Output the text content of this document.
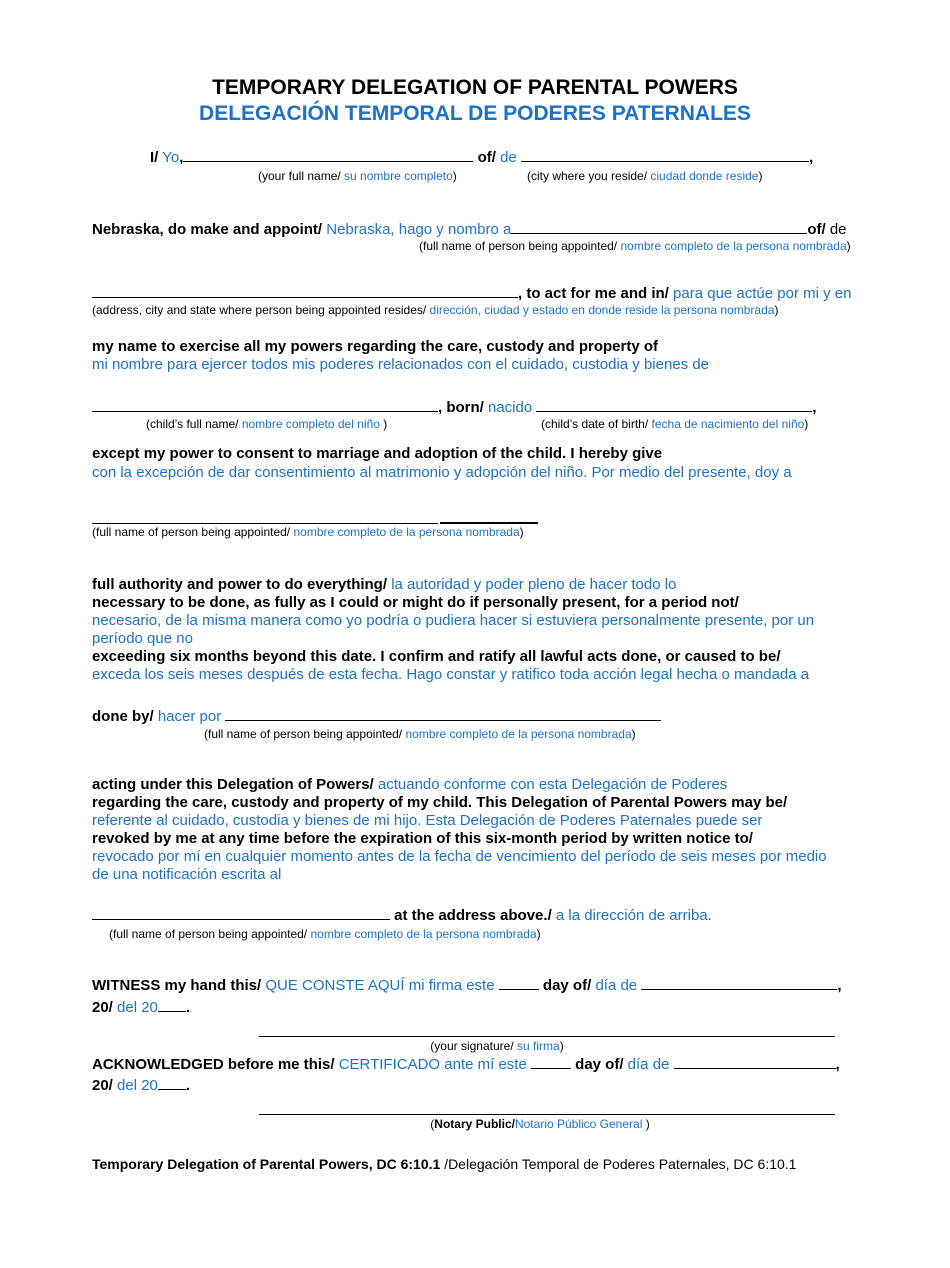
TEMPORARY DELEGATION OF PARENTAL POWERS
DELEGACIÓN TEMPORAL DE PODERES PATERNALES
I/ Yo,	of/ de	,
(your full name/ su nombre completo)	(city where you reside/ ciudad donde reside)
Nebraska, do make and appoint/ Nebraska, hago y nombro a	of/ de
(full name of person being appointed/ nombre completo de la persona nombrada)
, to act for me and in/ para que actúe por mi y en
(address, city and state where person being appointed resides/ dirección, ciudad y estado en donde reside la persona nombrada)
my name to exercise all my powers regarding the care, custody and property of
mi nombre para ejercer todos mis poderes relacionados con el cuidado, custodia y bienes de
, born/ nacido	,
(child’s full name/ nombre completo del niño )	(child’s date of birth/ fecha de nacimiento del niño)
except my power to consent to marriage and adoption of the child. I hereby give
con la excepción de dar consentimiento al matrimonio y adopción del niño. Por medio del presente, doy a
(full name of person being appointed/ nombre completo de la persona nombrada)
full authority and power to do everything/ la autoridad y poder pleno de hacer todo lo
necessary to be done, as fully as I could or might do if personally present, for a period not/
necesario, de la misma manera como yo podría o pudiera hacer si estuviera personalmente presente, por un
período que no
exceeding six months beyond this date. I confirm and ratify all lawful acts done, or caused to be/
exceda los seis meses después de esta fecha. Hago constar y ratifico toda acción legal hecha o mandada a
done by/ hacer por
(full name of person being appointed/ nombre completo de la persona nombrada)
acting under this Delegation of Powers/ actuando conforme con esta Delegación de Poderes
regarding the care, custody and property of my child. This Delegation of Parental Powers may be/
referente al cuidado, custodia y bienes de mi hijo. Esta Delegación de Poderes Paternales puede ser
revoked by me at any time before the expiration of this six-month period by written notice to/
revocado por mí en cualquier momento antes de la fecha de vencimiento del período de seis meses por medio
de una notificación escrita al
at the address above./ a la dirección de arriba.
(full name of person being appointed/ nombre completo de la persona nombrada)
WITNESS my hand this/ QUE CONSTE AQUÍ mi firma este	day of/ día de	,
20/ del 20 .
(your signature/ su firma)
ACKNOWLEDGED before me this/ CERTIFICADO ante mí este	day of/ día de	,
20/ del 20 .
(Notary Public/Notario Público General )
Temporary Delegation of Parental Powers, DC 6:10.1 /Delegación Temporal de Poderes Paternales, DC 6:10.1
